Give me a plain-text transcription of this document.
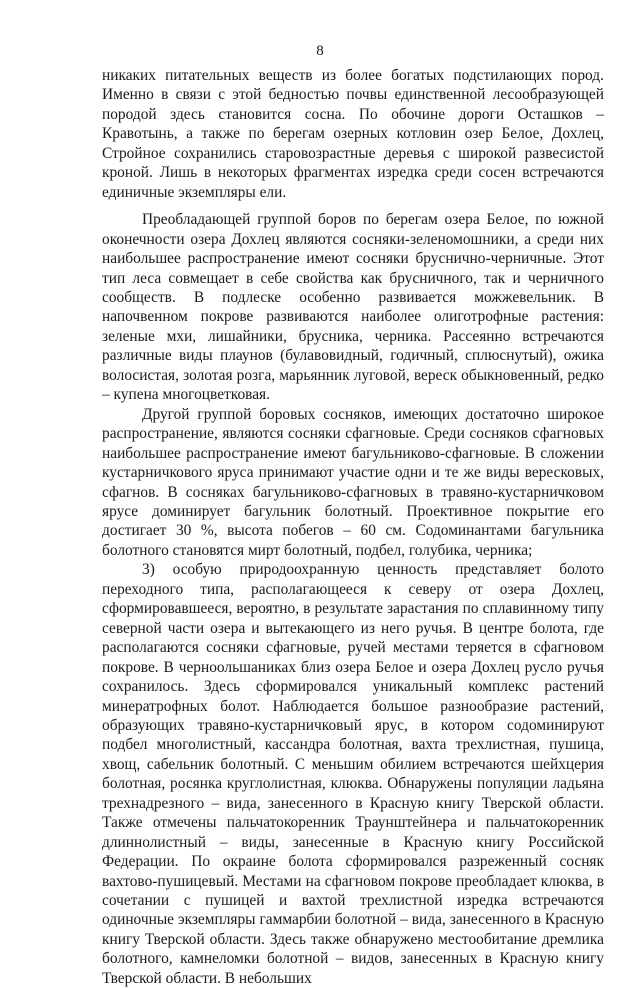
8

никаких питательных веществ из более богатых подстилающих пород. Именно в связи с этой бедностью почвы единственной лесообразующей породой здесь становится сосна. По обочине дороги Осташков – Кравотынь, а также по берегам озерных котловин озер Белое, Дохлец, Стройное сохранились старовозрастные деревья с широкой развесистой кроной. Лишь в некоторых фрагментах изредка среди сосен встречаются единичные экземпляры ели.

Преобладающей группой боров по берегам озера Белое, по южной оконечности озера Дохлец являются сосняки-зеленомошники, а среди них наибольшее распространение имеют сосняки бруснично-черничные. Этот тип леса совмещает в себе свойства как брусничного, так и черничного сообществ. В подлеске особенно развивается можжевельник. В напочвенном покрове развиваются наиболее олиготрофные растения: зеленые мхи, лишайники, брусника, черника. Рассеянно встречаются различные виды плаунов (булавовидный, годичный, сплюснутый), ожика волосистая, золотая розга, марьянник луговой, вереск обыкновенный, редко – купена многоцветковая.

Другой группой боровых сосняков, имеющих достаточно широкое распространение, являются сосняки сфагновые. Среди сосняков сфагновых наибольшее распространение имеют багульниково-сфагновые. В сложении кустарничкового яруса принимают участие одни и те же виды вересковых, сфагнов. В сосняках багульниково-сфагновых в травяно-кустарничковом ярусе доминирует багульник болотный. Проективное покрытие его достигает 30 %, высота побегов – 60 см. Содоминантами багульника болотного становятся мирт болотный, подбел, голубика, черника;

3) особую природоохранную ценность представляет болото переходного типа, располагающееся к северу от озера Дохлец, сформировавшееся, вероятно, в результате зарастания по сплавинному типу северной части озера и вытекающего из него ручья. В центре болота, где располагаются сосняки сфагновые, ручей местами теряется в сфагновом покрове. В черноольшаниках близ озера Белое и озера Дохлец русло ручья сохранилось. Здесь сформировался уникальный комплекс растений минератрофных болот. Наблюдается большое разнообразие растений, образующих травяно-кустарничковый ярус, в котором содоминируют подбел многолистный, кассандра болотная, вахта трехлистная, пушица, хвощ, сабельник болотный. С меньшим обилием встречаются шейхцерия болотная, росянка круглолистная, клюква. Обнаружены популяции ладьяна трехнадрезного – вида, занесенного в Красную книгу Тверской области. Также отмечены пальчатокоренник Траунштейнера и пальчатокоренник длиннолистный – виды, занесенные в Красную книгу Российской Федерации. По окраине болота сформировался разреженный сосняк вахтово-пушицевый. Местами на сфагновом покрове преобладает клюква, в сочетании с пушицей и вахтой трехлистной изредка встречаются одиночные экземпляры гаммарбии болотной – вида, занесенного в Красную книгу Тверской области. Здесь также обнаружено местообитание дремлика болотного, камнеломки болотной – видов, занесенных в Красную книгу Тверской области. В небольших
